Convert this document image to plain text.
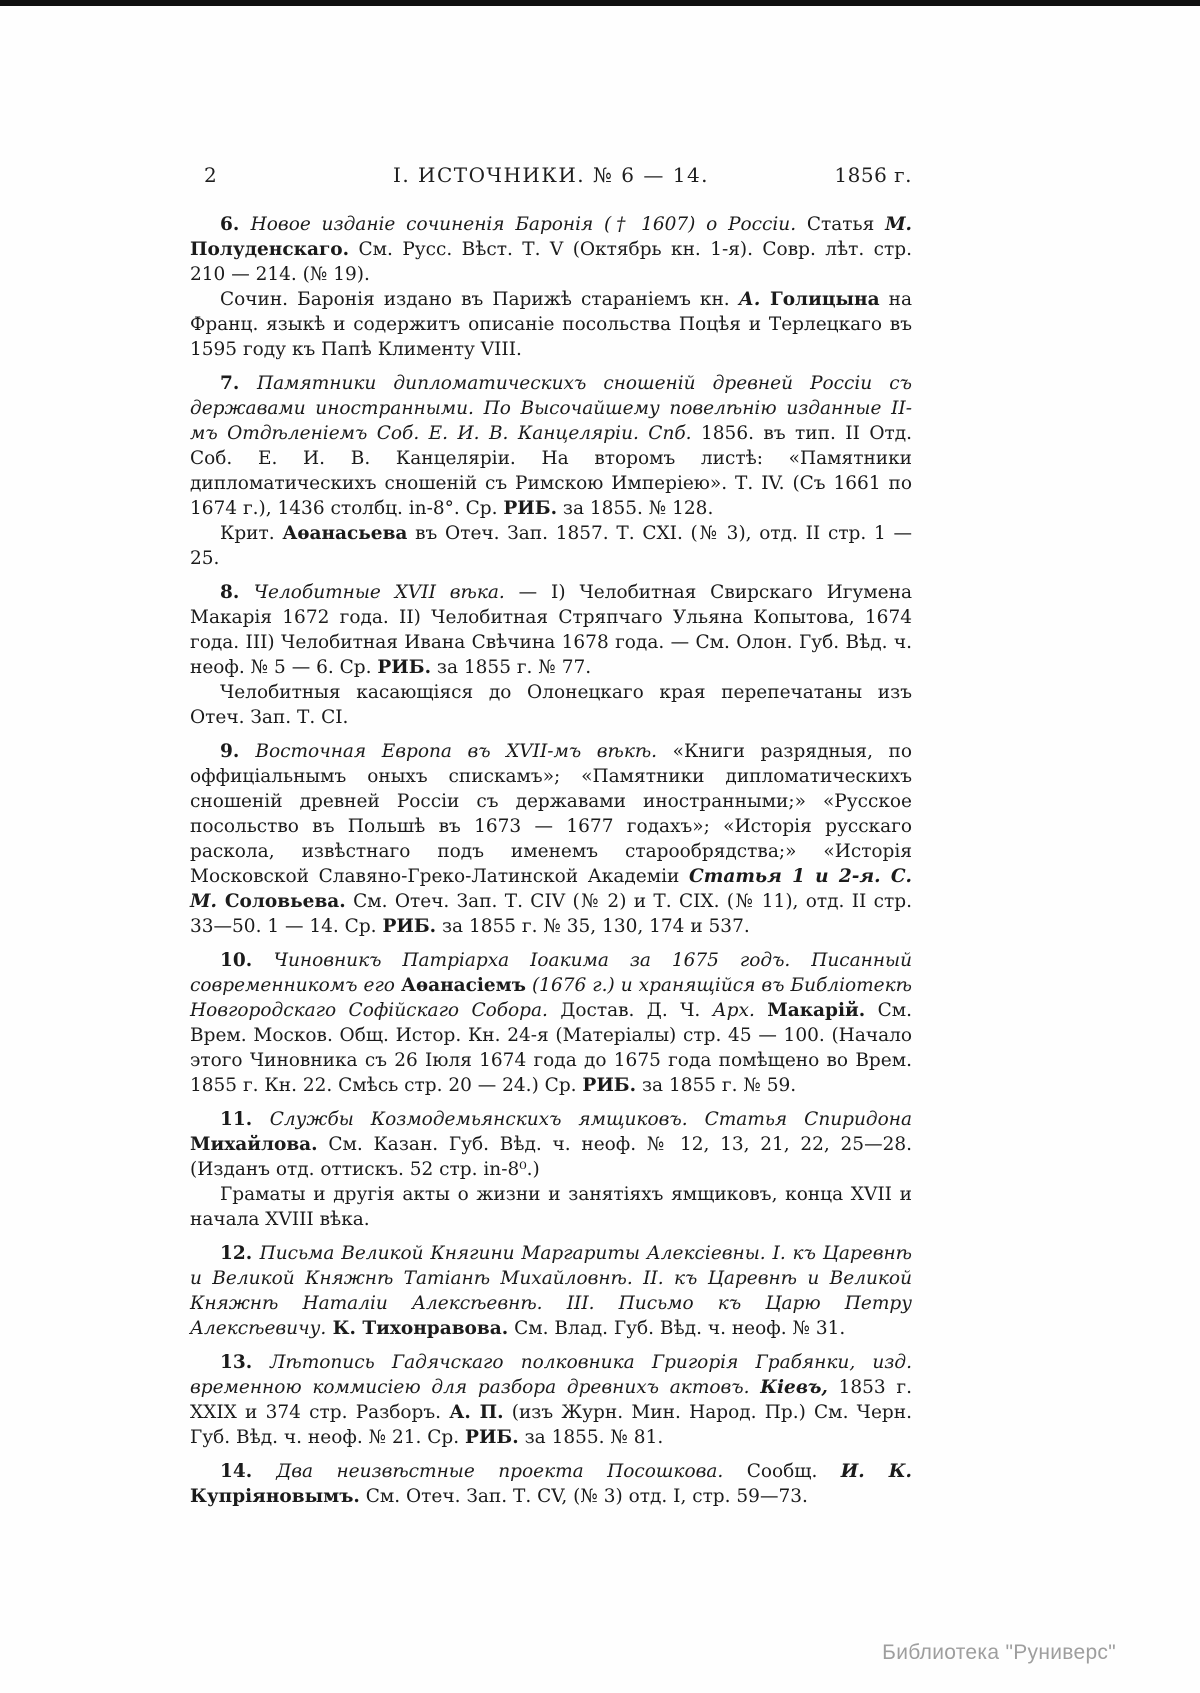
2	І. ИСТОЧНИКИ. № 6 — 14.	1856 г.

6. Новое изданіе сочиненія Баронія († 1607) о Россіи. Статья М. Полуденскаго. См. Русс. Вѣст. Т. V (Октябрь кн. 1-я). Совр. лѣт. стр. 210 — 214. (№ 19).

Сочин. Баронія издано въ Парижѣ стараніемъ кн. А. Голицына на Франц. языкѣ и содержитъ описаніе посольства Поцѣя и Терлецкаго въ 1595 году къ Папѣ Клименту VIII.

7. Памятники дипломатическихъ сношеній древней Россіи съ державами иностранными. По Высочайшему повелѣнію изданные ІІ-мъ Отдѣленіемъ Соб. Е. И. В. Канцеляріи. Спб. 1856. въ тип. II Отд. Соб. Е. И. В. Канцеляріи. На второмъ листѣ: «Памятники дипломатическихъ сношеній съ Римскою Имперіею». Т. IV. (Съ 1661 по 1674 г.), 1436 столбц. in-8°. Ср. РИБ. за 1855. № 128.

Крит. Аѳанасьева въ Отеч. Зап. 1857. Т. СХІ. (№ 3), отд. II стр. 1 — 25.

8. Челобитные XVII вѣка. — I) Челобитная Свирскаго Игумена Макарія 1672 года. II) Челобитная Стряпчаго Ульяна Копытова, 1674 года. III) Челобитная Ивана Свѣчина 1678 года. — См. Олон. Губ. Вѣд. ч. неоф. № 5 — 6. Ср. РИБ. за 1855 г. № 77.

Челобитныя касающіяся до Олонецкаго края перепечатаны изъ Отеч. Зап. Т. СІ.

9. Восточная Европа въ XVII-мъ вѣкѣ. «Книги разрядныя, по оффиціальнымъ оныхъ спискамъ»; «Памятники дипломатическихъ сношеній древней Россіи съ державами иностранными;» «Русское посольство въ Польшѣ въ 1673 — 1677 годахъ»; «Исторія русскаго раскола, извѣстнаго подъ именемъ старообрядства;» «Исторія Московской Славяно-Греко-Латинской Академіи Статья 1 и 2-я. С. М. Соловьева. См. Отеч. Зап. Т. CIV (№ 2) и Т. CIX. (№ 11), отд. II стр. 33—50. 1 — 14. Ср. РИБ. за 1855 г. № 35, 130, 174 и 537.

10. Чиновникъ Патріарха Іоакима за 1675 годъ. Писанный современникомъ его Аѳанасіемъ (1676 г.) и хранящійся въ Библіотекѣ Новгородскаго Софійскаго Собора. Достав. Д. Ч. Арх. Макарій. См. Врем. Москов. Общ. Истор. Кн. 24-я (Матеріалы) стр. 45 — 100. (Начало этого Чиновника съ 26 Іюля 1674 года до 1675 года помѣщено во Врем. 1855 г. Кн. 22. Смѣсь стр. 20 — 24.) Ср. РИБ. за 1855 г. № 59.

11. Службы Козмодемьянскихъ ямщиковъ. Статья Спиридона Михайлова. См. Казан. Губ. Вѣд. ч. неоф. № 12, 13, 21, 22, 25—28. (Изданъ отд. оттискъ. 52 стр. in-8⁰.)

Граматы и другія акты о жизни и занятіяхъ ямщиковъ, конца XVII и начала XVIII вѣка.

12. Письма Великой Княгини Маргариты Алексіевны. I. къ Царевнѣ и Великой Княжнѣ Татіанѣ Михайловнѣ. II. къ Царевнѣ и Великой Княжнѣ Наталіи Алексѣевнѣ. III. Письмо къ Царю Петру Алексѣевичу. К. Тихонравова. См. Влад. Губ. Вѣд. ч. неоф. № 31.

13. Лѣтопись Гадячскаго полковника Григорія Грабянки, изд. временною коммисіею для разбора древнихъ актовъ. Кіевъ, 1853 г. XXIX и 374 стр. Разборъ. А. П. (изъ Журн. Мин. Народ. Пр.) См. Черн. Губ. Вѣд. ч. неоф. № 21. Ср. РИБ. за 1855. № 81.

14. Два неизвѣстные проекта Посошкова. Сообщ. И. К. Купріяновымъ. См. Отеч. Зап. Т. CV, (№ 3) отд. I, стр. 59—73.

Библиотека "Руниверс"
